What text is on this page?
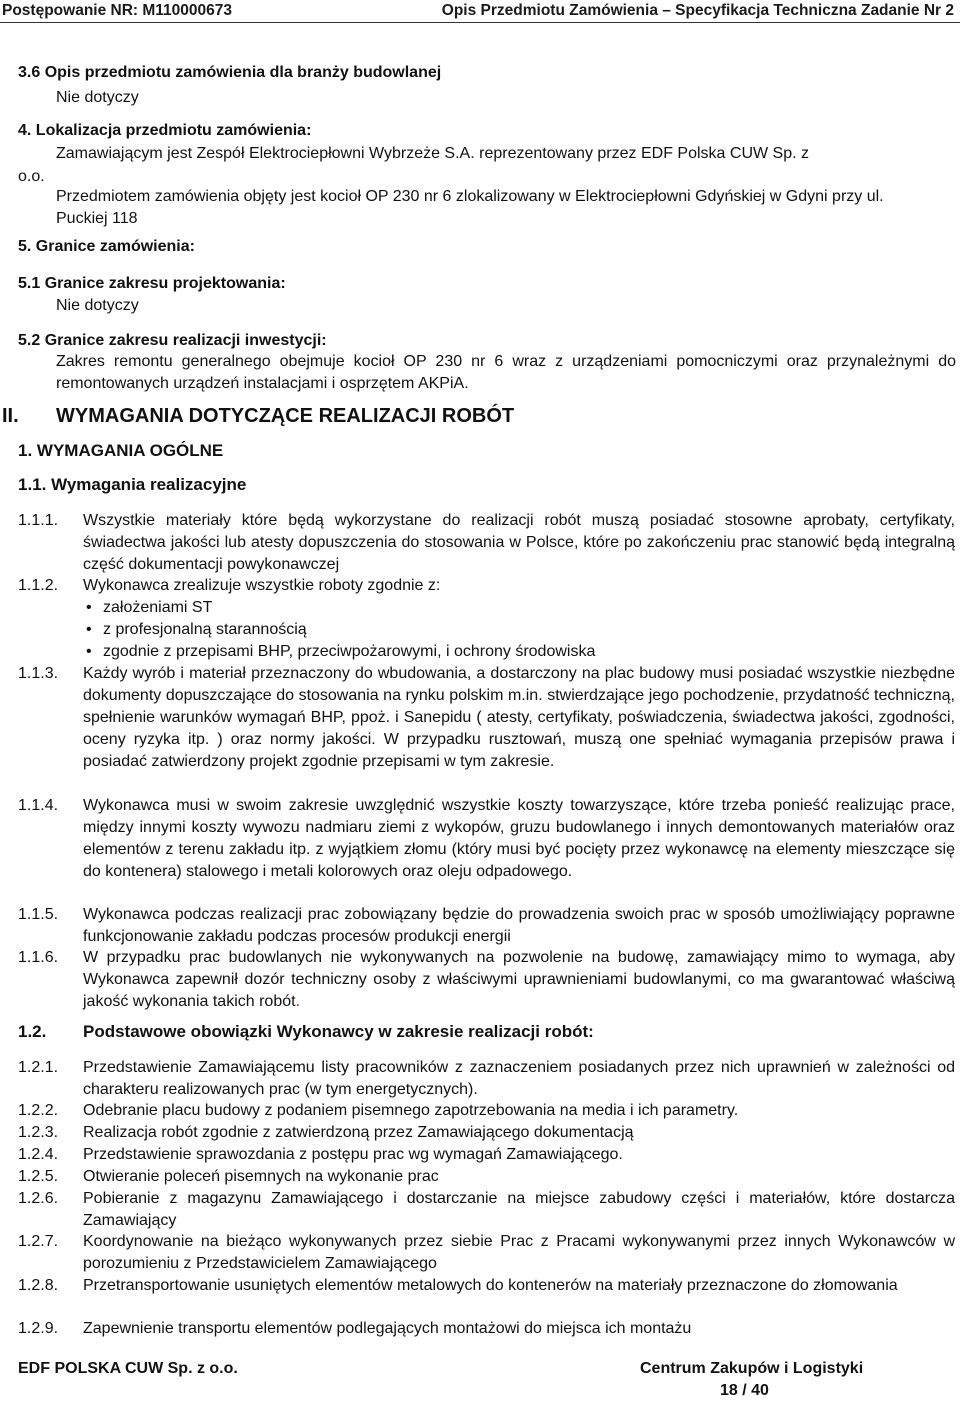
Postępowanie NR: M110000673	Opis Przedmiotu Zamówienia – Specyfikacja Techniczna Zadanie Nr 2
3.6 Opis przedmiotu zamówienia dla branży budowlanej
Nie dotyczy
4. Lokalizacja przedmiotu zamówienia:
Zamawiającym jest Zespół Elektrociepłowni Wybrzeże S.A. reprezentowany przez EDF Polska CUW Sp. z
o.o.
Przedmiotem zamówienia objęty jest kocioł OP 230 nr 6 zlokalizowany w Elektrociepłowni Gdyńskiej w Gdyni przy ul. Puckiej 118
5. Granice zamówienia:
5.1 Granice zakresu projektowania:
Nie dotyczy
5.2 Granice zakresu realizacji inwestycji:
Zakres remontu generalnego obejmuje kocioł OP 230 nr 6 wraz z urządzeniami pomocniczymi oraz przynależnymi do remontowanych urządzeń instalacjami i osprzętem AKPiA.
II. WYMAGANIA DOTYCZĄCE REALIZACJI ROBÓT
1. WYMAGANIA OGÓLNE
1.1. Wymagania realizacyjne
1.1.1. Wszystkie materiały które będą wykorzystane do realizacji robót muszą posiadać stosowne aprobaty, certyfikaty, świadectwa jakości lub atesty dopuszczenia do stosowania w Polsce, które po zakończeniu prac stanowić będą integralną część dokumentacji powykonawczej
1.1.2. Wykonawca zrealizuje wszystkie roboty zgodnie z:
• założeniami ST
• z profesjonalną starannością
• zgodnie z przepisami BHP, przeciwpożarowymi, i ochrony środowiska
1.1.3. Każdy wyrób i materiał przeznaczony do wbudowania, a dostarczony na plac budowy musi posiadać wszystkie niezbędne dokumenty dopuszczające do stosowania na rynku polskim m.in. stwierdzające jego pochodzenie, przydatność techniczną, spełnienie warunków wymagań BHP, ppoż. i Sanepidu ( atesty, certyfikaty, poświadczenia, świadectwa jakości, zgodności, oceny ryzyka itp. ) oraz normy jakości. W przypadku rusztowań, muszą one spełniać wymagania przepisów prawa i posiadać zatwierdzony projekt zgodnie przepisami w tym zakresie.
1.1.4. Wykonawca musi w swoim zakresie uwzględnić wszystkie koszty towarzyszące, które trzeba ponieść realizując prace, między innymi koszty wywozu nadmiaru ziemi z wykopów, gruzu budowlanego i innych demontowanych materiałów oraz elementów z terenu zakładu itp. z wyjątkiem złomu (który musi być pocięty przez wykonawcę na elementy mieszczące się do kontenera) stalowego i metali kolorowych oraz oleju odpadowego.
1.1.5. Wykonawca podczas realizacji prac zobowiązany będzie do prowadzenia swoich prac w sposób umożliwiający poprawne funkcjonowanie zakładu podczas procesów produkcji energii
1.1.6. W przypadku prac budowlanych nie wykonywanych na pozwolenie na budowę, zamawiający mimo to wymaga, aby Wykonawca zapewnił dozór techniczny osoby z właściwymi uprawnieniami budowlanymi, co ma gwarantować właściwą jakość wykonania takich robót.
1.2. Podstawowe obowiązki Wykonawcy w zakresie realizacji robót:
1.2.1. Przedstawienie Zamawiającemu listy pracowników z zaznaczeniem posiadanych przez nich uprawnień w zależności od charakteru realizowanych prac (w tym energetycznych).
1.2.2. Odebranie placu budowy z podaniem pisemnego zapotrzebowania na media i ich parametry.
1.2.3. Realizacja robót zgodnie z zatwierdzoną przez Zamawiającego dokumentacją
1.2.4. Przedstawienie sprawozdania z postępu prac wg wymagań Zamawiającego.
1.2.5. Otwieranie poleceń pisemnych na wykonanie prac
1.2.6. Pobieranie z magazynu Zamawiającego i dostarczanie na miejsce zabudowy części i materiałów, które dostarcza Zamawiający
1.2.7. Koordynowanie na bieżąco wykonywanych przez siebie Prac z Pracami wykonywanymi przez innych Wykonawców w porozumieniu z Przedstawicielem Zamawiającego
1.2.8. Przetransportowanie usuniętych elementów metalowych do kontenerów na materiały przeznaczone do złomowania
1.2.9. Zapewnienie transportu elementów podlegających montażowi do miejsca ich montażu
EDF POLSKA CUW Sp. z o.o.	Centrum Zakupów i Logistyki
18 / 40
